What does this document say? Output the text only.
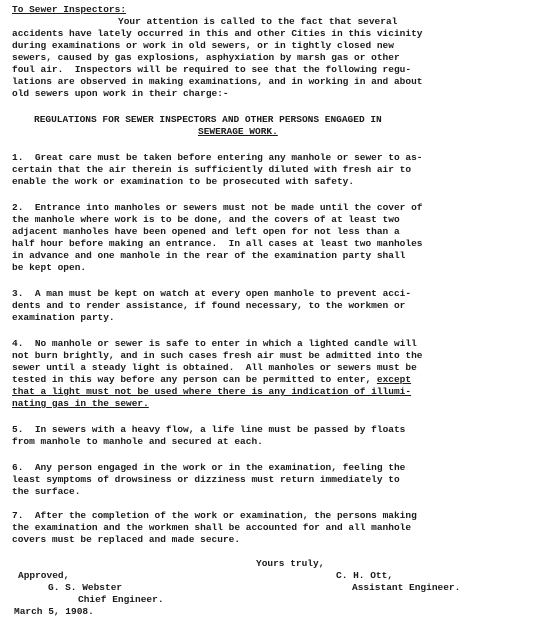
To Sewer Inspectors:
Your attention is called to the fact that several
accidents have lately occurred in this and other Cities in this vicinity
during examinations or work in old sewers, or in tightly closed new
sewers, caused by gas explosions, asphyxiation by marsh gas or other
foul air.  Inspectors will be required to see that the following regu-
lations are observed in making examinations, and in working in and about
old sewers upon work in their charge:-
REGULATIONS FOR SEWER INSPECTORS AND OTHER PERSONS ENGAGED IN
SEWERAGE WORK.
1. Great care must be taken before entering any manhole or sewer to as-
certain that the air therein is sufficiently diluted with fresh air to
enable the work or examination to be prosecuted with safety.
2. Entrance into manholes or sewers must not be made until the cover of
the manhole where work is to be done, and the covers of at least two
adjacent manholes have been opened and left open for not less than a
half hour before making an entrance.  In all cases at least two manholes
in advance and one manhole in the rear of the examination party shall
be kept open.
3. A man must be kept on watch at every open manhole to prevent acci-
dents and to render assistance, if found necessary, to the workmen or
examination party.
4. No manhole or sewer is safe to enter in which a lighted candle will
not burn brightly, and in such cases fresh air must be admitted into the
sewer until a steady light is obtained.  All manholes or sewers must be
tested in this way before any person can be permitted to enter, except
that a light must not be used where there is any indication of illumi-
nating gas in the sewer.
5. In sewers with a heavy flow, a life line must be passed by floats
from manhole to manhole and secured at each.
6. Any person engaged in the work or in the examination, feeling the
least symptoms of drowsiness or dizziness must return immediately to
the surface.
7. After the completion of the work or examination, the persons making
the examination and the workmen shall be accounted for and all manhole
covers must be replaced and made secure.
Yours truly,
Approved,	C. H. Ott,
G. S. Webster	Assistant Engineer.
Chief Engineer.
March 5, 1908.
